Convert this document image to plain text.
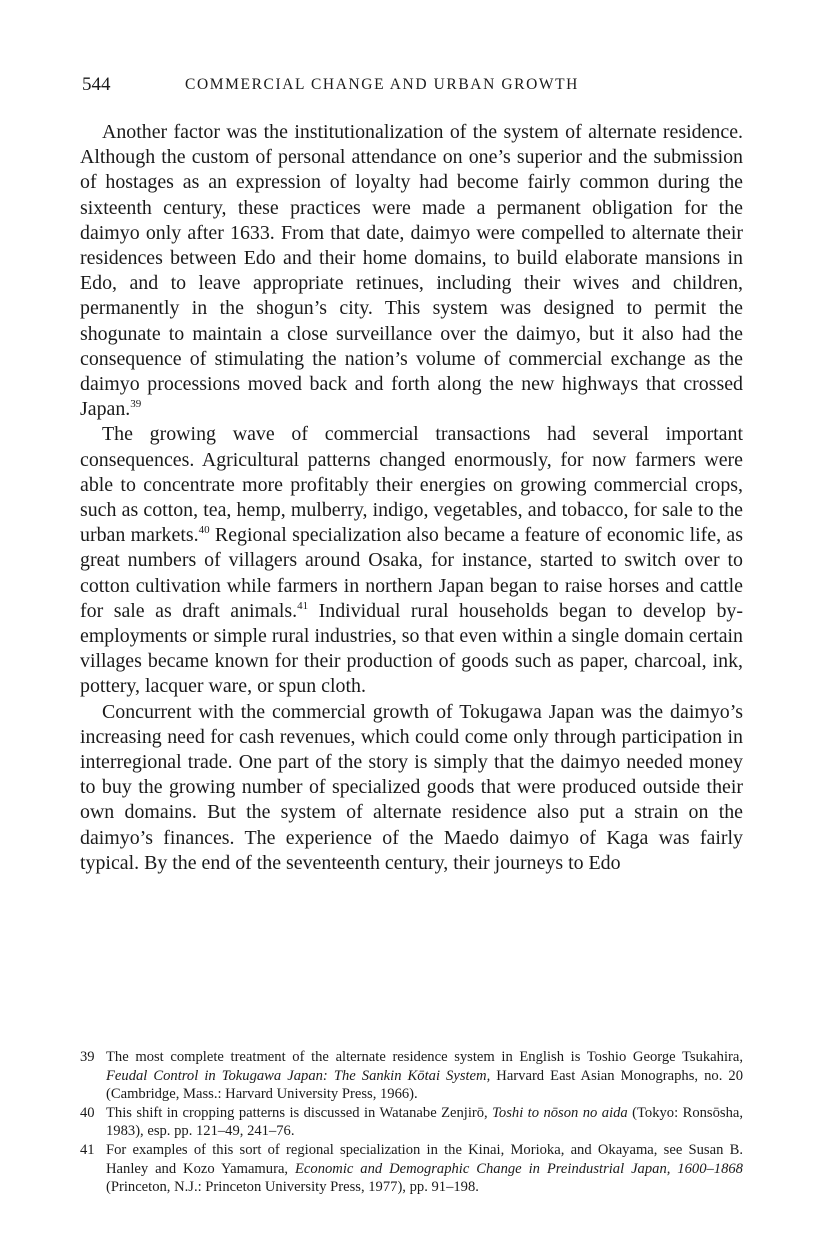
544	COMMERCIAL CHANGE AND URBAN GROWTH

Another factor was the institutionalization of the system of alternate residence. Although the custom of personal attendance on one’s superior and the submission of hostages as an expression of loyalty had become fairly common during the sixteenth century, these practices were made a permanent obligation for the daimyo only after 1633. From that date, daimyo were compelled to alternate their residences between Edo and their home domains, to build elaborate mansions in Edo, and to leave appropriate retinues, including their wives and children, permanently in the shogun’s city. This system was designed to permit the shogunate to maintain a close surveillance over the daimyo, but it also had the consequence of stimulating the nation’s volume of commercial exchange as the daimyo processions moved back and forth along the new highways that crossed Japan.$^{39}$

The growing wave of commercial transactions had several important consequences. Agricultural patterns changed enormously, for now farmers were able to concentrate more profitably their energies on growing commercial crops, such as cotton, tea, hemp, mulberry, indigo, vegetables, and tobacco, for sale to the urban markets.$^{40}$ Regional specialization also became a feature of economic life, as great numbers of villagers around Osaka, for instance, started to switch over to cotton cultivation while farmers in northern Japan began to raise horses and cattle for sale as draft animals.$^{41}$ Individual rural households began to develop by-employments or simple rural industries, so that even within a single domain certain villages became known for their production of goods such as paper, charcoal, ink, pottery, lacquer ware, or spun cloth.

Concurrent with the commercial growth of Tokugawa Japan was the daimyo’s increasing need for cash revenues, which could come only through participation in interregional trade. One part of the story is simply that the daimyo needed money to buy the growing number of specialized goods that were produced outside their own domains. But the system of alternate residence also put a strain on the daimyo’s finances. The experience of the Maedo daimyo of Kaga was fairly typical. By the end of the seventeenth century, their journeys to Edo

39 The most complete treatment of the alternate residence system in English is Toshio George Tsukahira, Feudal Control in Tokugawa Japan: The Sankin Kōtai System, Harvard East Asian Monographs, no. 20 (Cambridge, Mass.: Harvard University Press, 1966).
40 This shift in cropping patterns is discussed in Watanabe Zenjirō, Toshi to nōson no aida (Tokyo: Ronsōsha, 1983), esp. pp. 121–49, 241–76.
41 For examples of this sort of regional specialization in the Kinai, Morioka, and Okayama, see Susan B. Hanley and Kozo Yamamura, Economic and Demographic Change in Preindustrial Japan, 1600–1868 (Princeton, N.J.: Princeton University Press, 1977), pp. 91–198.
